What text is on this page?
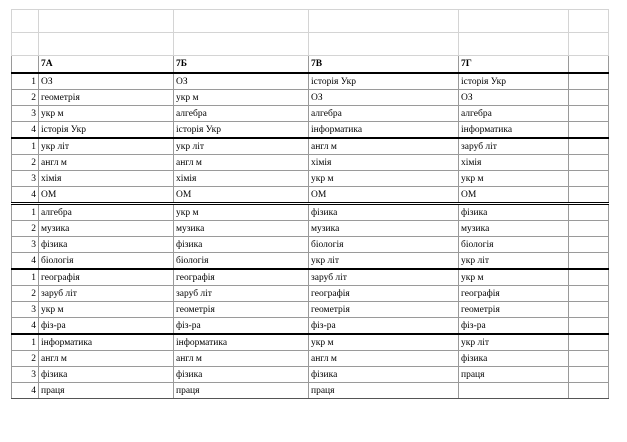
	7А	7Б	7В	7Г	
1	ОЗ	ОЗ	історія Укр	історія Укр	
2	геометрія	укр м	ОЗ	ОЗ	
3	укр м	алгебра	алгебра	алгебра	
4	історія Укр	історія Укр	інформатика	інформатика	
1	укр літ	укр літ	англ м	заруб літ	
2	англ м	англ м	хімія	хімія	
3	хімія	хімія	укр м	укр м	
4	ОМ	ОМ	ОМ	ОМ	
1	алгебра	укр м	фізика	фізика	
2	музика	музика	музика	музика	
3	фізика	фізика	біологія	біологія	
4	біологія	біологія	укр літ	укр літ	
1	географія	географія	заруб літ	укр м	
2	заруб літ	заруб літ	географія	географія	
3	укр м	геометрія	геометрія	геометрія	
4	фіз-ра	фіз-ра	фіз-ра	фіз-ра	
1	інформатика	інформатика	укр м	укр літ	
2	англ м	англ м	англ м	фізика	
3	фізика	фізика	фізика	праця	
4	праця	праця	праця		
